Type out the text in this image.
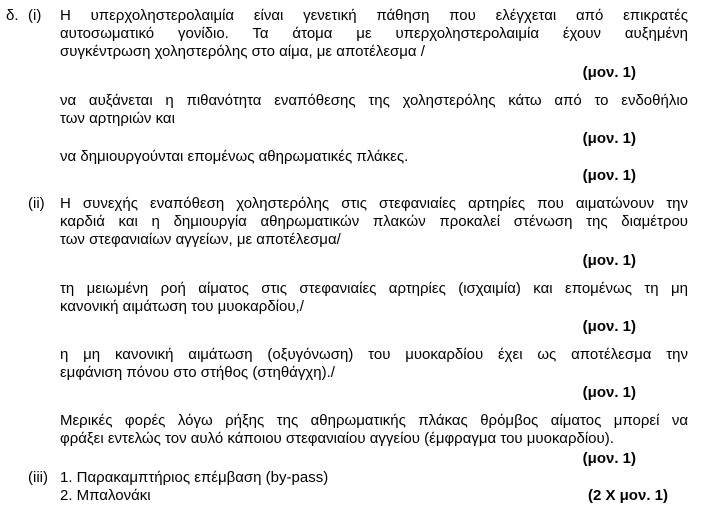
δ. (i) Η υπερχοληστερολαιμία είναι γενετική πάθηση που ελέγχεται από επικρατές
αυτοσωματικό γονίδιο. Τα άτομα με υπερχοληστερολαιμία έχουν αυξημένη
συγκέντρωση χοληστερόλης στο αίμα, με αποτέλεσμα /
(μον. 1)
να αυξάνεται η πιθανότητα εναπόθεσης της χοληστερόλης κάτω από το ενδοθήλιο
των αρτηριών και
(μον. 1)
να δημιουργούνται επομένως αθηρωματικές πλάκες.
(μον. 1)
(ii) Η συνεχής εναπόθεση χοληστερόλης στις στεφανιαίες αρτηρίες που αιματώνουν την
καρδιά και η δημιουργία αθηρωματικών πλακών προκαλεί στένωση της διαμέτρου
των στεφανιαίων αγγείων, με αποτέλεσμα/
(μον. 1)
τη μειωμένη ροή αίματος στις στεφανιαίες αρτηρίες (ισχαιμία) και επομένως τη μη
κανονική αιμάτωση του μυοκαρδίου,/
(μον. 1)
η μη κανονική αιμάτωση (οξυγόνωση) του μυοκαρδίου έχει ως αποτέλεσμα την
εμφάνιση πόνου στο στήθος (στηθάγχη)./
(μον. 1)
Μερικές φορές λόγω ρήξης της αθηρωματικής πλάκας θρόμβος αίματος μπορεί να
φράξει εντελώς τον αυλό κάποιου στεφανιαίου αγγείου (έμφραγμα του μυοκαρδίου).
(μον. 1)
(iii) 1. Παρακαμπτήριος επέμβαση (by-pass)
2. Μπαλονάκι	(2 Χ μον. 1)
